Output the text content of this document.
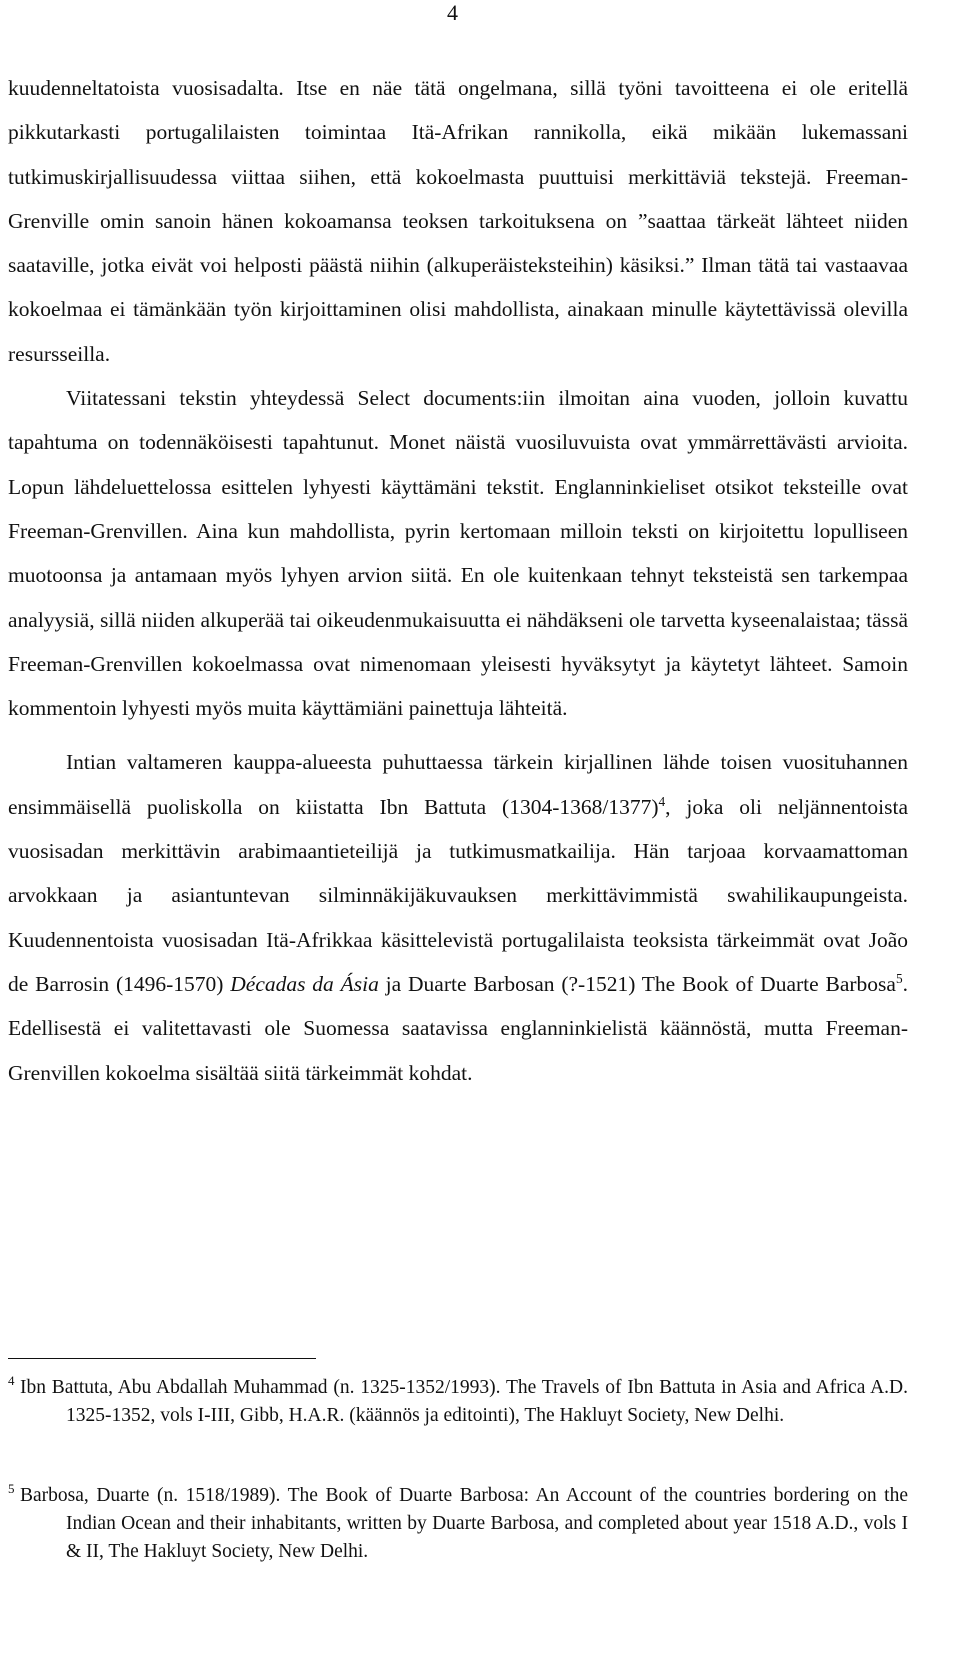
4

kuudenneltatoista vuosisadalta. Itse en näe tätä ongelmana, sillä työni tavoitteena ei ole eritellä pikkutarkasti portugalilaisten toimintaa Itä-Afrikan rannikolla, eikä mikään lukemassani tutkimuskirjallisuudessa viittaa siihen, että kokoelmasta puuttuisi merkittäviä tekstejä. Freeman-Grenville omin sanoin hänen kokoamansa teoksen tarkoituksena on ”saattaa tärkeät lähteet niiden saataville, jotka eivät voi helposti päästä niihin (alkuperäisteksteihin) käsiksi.” Ilman tätä tai vastaavaa kokoelmaa ei tämänkään työn kirjoittaminen olisi mahdollista, ainakaan minulle käytettävissä olevilla resursseilla.

Viitatessani tekstin yhteydessä Select documents:iin ilmoitan aina vuoden, jolloin kuvattu tapahtuma on todennäköisesti tapahtunut. Monet näistä vuosiluvuista ovat ymmärrettävästi arvioita. Lopun lähdeluettelossa esittelen lyhyesti käyttämäni tekstit. Englanninkieliset otsikot teksteille ovat Freeman-Grenvillen. Aina kun mahdollista, pyrin kertomaan milloin teksti on kirjoitettu lopulliseen muotoonsa ja antamaan myös lyhyen arvion siitä. En ole kuitenkaan tehnyt teksteistä sen tarkempaa analyysiä, sillä niiden alkuperää tai oikeudenmukaisuutta ei nähdäkseni ole tarvetta kyseenalaistaa; tässä Freeman-Grenvillen kokoelmassa ovat nimenomaan yleisesti hyväksytyt ja käytetyt lähteet. Samoin kommentoin lyhyesti myös muita käyttämiäni painettuja lähteitä.

Intian valtameren kauppa-alueesta puhuttaessa tärkein kirjallinen lähde toisen vuosituhannen ensimmäisellä puoliskolla on kiistatta Ibn Battuta $(1304-1368/1377)^4$, joka oli neljännentoista vuosisadan merkittävin arabimaantieteilijä ja tutkimusmatkailija. Hän tarjoaa korvaamattoman arvokkaan ja asiantuntevan silminnäkijäkuvauksen merkittävimmistä swahilikaupungeista. Kuudennentoista vuosisadan Itä-Afrikkaa käsittelevistä portugalilaista teoksista tärkeimmät ovat João de Barrosin (1496-1570) Décadas da Ásia ja Duarte Barbosan (?-1521) The Book of Duarte Barbosa$^5$. Edellisestä ei valitettavasti ole Suomessa saatavissa englanninkielistä käännöstä, mutta Freeman-Grenvillen kokoelma sisältää siitä tärkeimmät kohdat.

4 Ibn Battuta, Abu Abdallah Muhammad (n. 1325-1352/1993). The Travels of Ibn Battuta in Asia and Africa A.D. 1325-1352, vols I-III, Gibb, H.A.R. (käännös ja editointi), The Hakluyt Society, New Delhi.
5 Barbosa, Duarte (n. 1518/1989). The Book of Duarte Barbosa: An Account of the countries bordering on the Indian Ocean and their inhabitants, written by Duarte Barbosa, and completed about year 1518 A.D., vols I & II, The Hakluyt Society, New Delhi.
